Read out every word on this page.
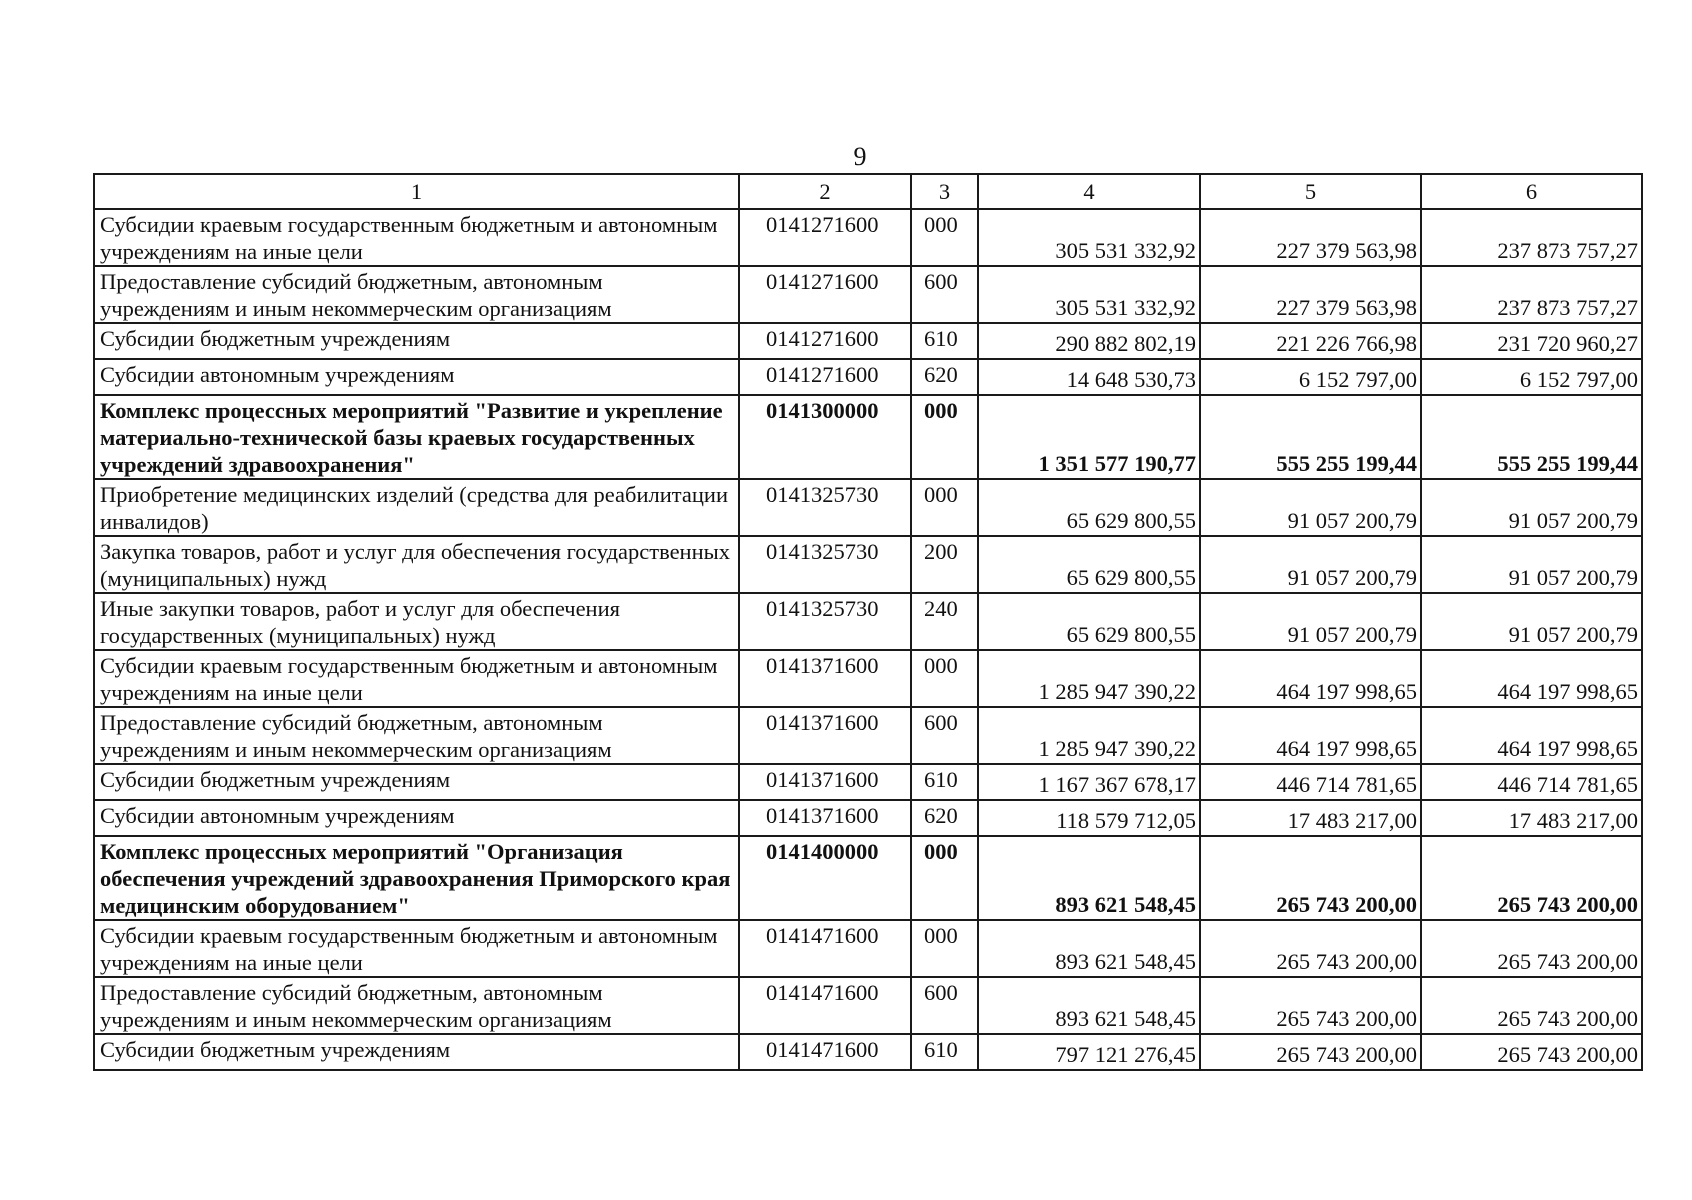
9
1	2	3	4	5	6
Субсидии краевым государственным бюджетным и автономным учреждениям на иные цели	0141271600	000	305 531 332,92	227 379 563,98	237 873 757,27
Предоставление субсидий бюджетным, автономным учреждениям и иным некоммерческим организациям	0141271600	600	305 531 332,92	227 379 563,98	237 873 757,27
Субсидии бюджетным учреждениям	0141271600	610	290 882 802,19	221 226 766,98	231 720 960,27
Субсидии автономным учреждениям	0141271600	620	14 648 530,73	6 152 797,00	6 152 797,00
Комплекс процессных мероприятий "Развитие и укрепление материально-технической базы краевых государственных учреждений здравоохранения"	0141300000	000	1 351 577 190,77	555 255 199,44	555 255 199,44
Приобретение медицинских изделий (средства для реабилитации инвалидов)	0141325730	000	65 629 800,55	91 057 200,79	91 057 200,79
Закупка товаров, работ и услуг для обеспечения государственных (муниципальных) нужд	0141325730	200	65 629 800,55	91 057 200,79	91 057 200,79
Иные закупки товаров, работ и услуг для обеспечения государственных (муниципальных) нужд	0141325730	240	65 629 800,55	91 057 200,79	91 057 200,79
Субсидии краевым государственным бюджетным и автономным учреждениям на иные цели	0141371600	000	1 285 947 390,22	464 197 998,65	464 197 998,65
Предоставление субсидий бюджетным, автономным учреждениям и иным некоммерческим организациям	0141371600	600	1 285 947 390,22	464 197 998,65	464 197 998,65
Субсидии бюджетным учреждениям	0141371600	610	1 167 367 678,17	446 714 781,65	446 714 781,65
Субсидии автономным учреждениям	0141371600	620	118 579 712,05	17 483 217,00	17 483 217,00
Комплекс процессных мероприятий "Организация обеспечения учреждений здравоохранения Приморского края медицинским оборудованием"	0141400000	000	893 621 548,45	265 743 200,00	265 743 200,00
Субсидии краевым государственным бюджетным и автономным учреждениям на иные цели	0141471600	000	893 621 548,45	265 743 200,00	265 743 200,00
Предоставление субсидий бюджетным, автономным учреждениям и иным некоммерческим организациям	0141471600	600	893 621 548,45	265 743 200,00	265 743 200,00
Субсидии бюджетным учреждениям	0141471600	610	797 121 276,45	265 743 200,00	265 743 200,00
